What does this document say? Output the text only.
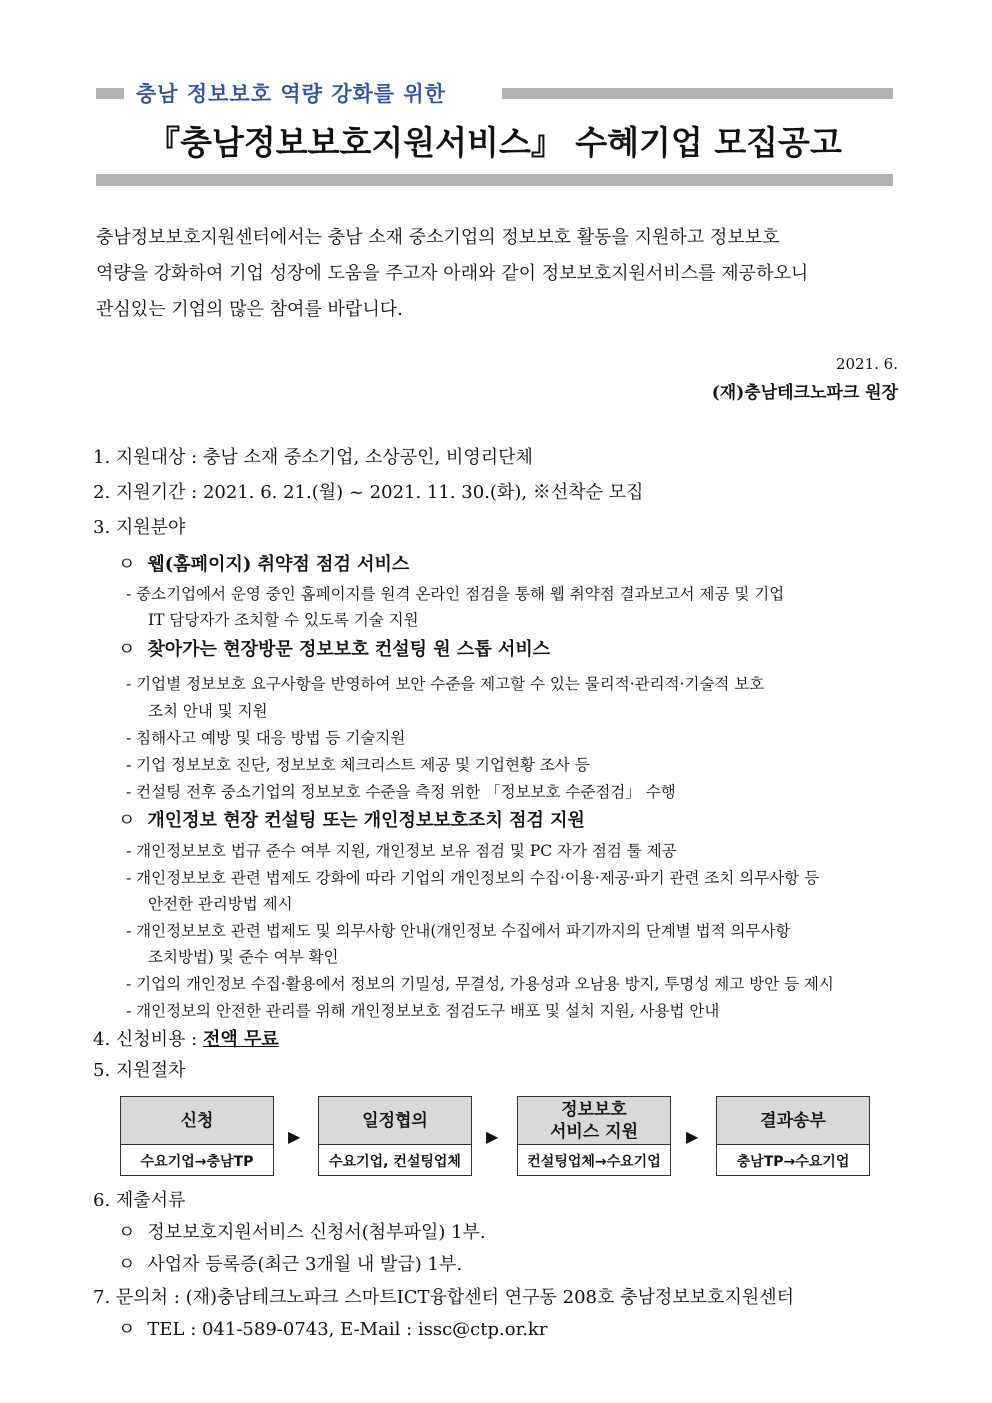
충남 정보보호 역량 강화를 위한
『충남정보보호지원서비스』 수혜기업 모집공고
충남정보보호지원센터에서는 충남 소재 중소기업의 정보보호 활동을 지원하고 정보보호
역량을 강화하여 기업 성장에 도움을 주고자 아래와 같이 정보보호지원서비스를 제공하오니
관심있는 기업의 많은 참여를 바랍니다.
2021. 6.
(재)충남테크노파크 원장
1. 지원대상 : 충남 소재 중소기업, 소상공인, 비영리단체
2. 지원기간 : 2021. 6. 21.(월) ~ 2021. 11. 30.(화), ※선착순 모집
3. 지원분야
ㅇ 웹(홈페이지) 취약점 점검 서비스
- 중소기업에서 운영 중인 홈페이지를 원격 온라인 점검을 통해 웹 취약점 결과보고서 제공 및 기업
IT 담당자가 조치할 수 있도록 기술 지원
ㅇ 찾아가는 현장방문 정보보호 컨설팅 원 스톱 서비스
- 기업별 정보보호 요구사항을 반영하여 보안 수준을 제고할 수 있는 물리적·관리적·기술적 보호
조치 안내 및 지원
- 침해사고 예방 및 대응 방법 등 기술지원
- 기업 정보보호 진단, 정보보호 체크리스트 제공 및 기업현황 조사 등
- 컨설팅 전후 중소기업의 정보보호 수준을 측정 위한 「정보보호 수준점검」 수행
ㅇ 개인정보 현장 컨설팅 또는 개인정보보호조치 점검 지원
- 개인정보보호 법규 준수 여부 지원, 개인정보 보유 점검 및 PC 자가 점검 툴 제공
- 개인정보보호 관련 법제도 강화에 따라 기업의 개인정보의 수집·이용·제공·파기 관련 조치 의무사항 등
안전한 관리방법 제시
- 개인정보보호 관련 법제도 및 의무사항 안내(개인정보 수집에서 파기까지의 단계별 법적 의무사항
조치방법) 및 준수 여부 확인
- 기업의 개인정보 수집·활용에서 정보의 기밀성, 무결성, 가용성과 오남용 방지, 투명성 제고 방안 등 제시
- 개인정보의 안전한 관리를 위해 개인정보보호 점검도구 배포 및 설치 지원, 사용법 안내
4. 신청비용 : 전액 무료
5. 지원절차
신청
수요기업→충남TP
▶
일정협의
수요기업, 컨설팅업체
▶
정보보호
서비스 지원
컨설팅업체→수요기업
▶
결과송부
충남TP→수요기업
6. 제출서류
ㅇ 정보보호지원서비스 신청서(첨부파일) 1부.
ㅇ 사업자 등록증(최근 3개월 내 발급) 1부.
7. 문의처 : (재)충남테크노파크 스마트ICT융합센터 연구동 208호 충남정보보호지원센터
ㅇ TEL : 041-589-0743, E-Mail : issc@ctp.or.kr
